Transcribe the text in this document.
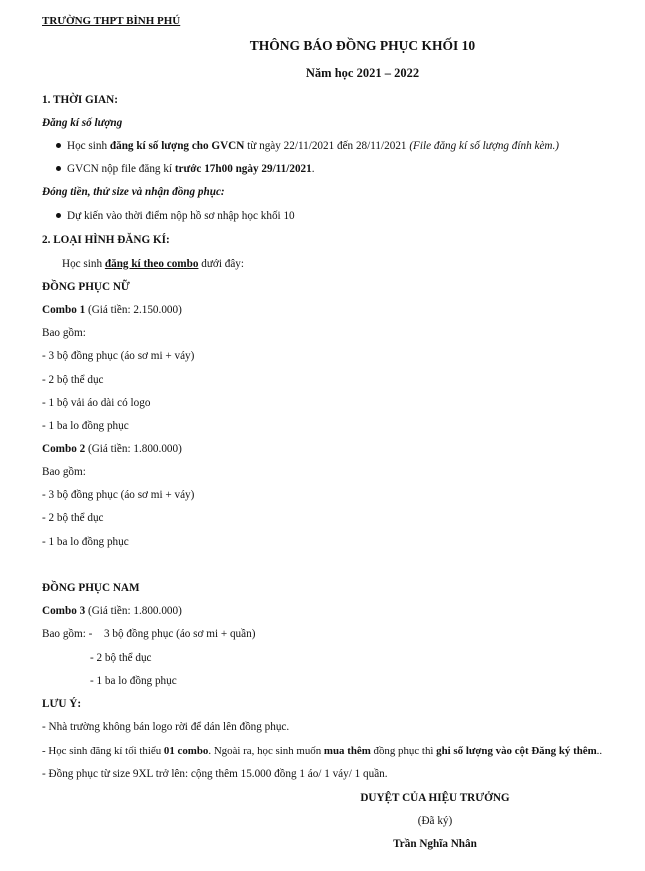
TRƯỜNG THPT BÌNH PHÚ
THÔNG BÁO ĐỒNG PHỤC KHỐI 10
Năm học 2021 – 2022
1. THỜI GIAN:
Đăng kí số lượng
Học sinh đăng kí số lượng cho GVCN từ ngày 22/11/2021 đến 28/11/2021 (File đăng kí số lượng đính kèm.)
GVCN nộp file đăng kí trước 17h00 ngày 29/11/2021.
Đóng tiền, thử size và nhận đồng phục:
Dự kiến vào thời điểm nộp hồ sơ nhập học khối 10
2. LOẠI HÌNH ĐĂNG KÍ:
Học sinh đăng kí theo combo dưới đây:
ĐỒNG PHỤC NỮ
Combo 1 (Giá tiền: 2.150.000)
Bao gồm:
- 3 bộ đồng phục (áo sơ mi + váy)
- 2 bộ thể dục
- 1 bộ vải áo dài có logo
- 1 ba lo đồng phục
Combo 2 (Giá tiền: 1.800.000)
Bao gồm:
- 3 bộ đồng phục (áo sơ mi + váy)
- 2 bộ thể dục
- 1 ba lo đồng phục
ĐỒNG PHỤC NAM
Combo 3 (Giá tiền: 1.800.000)
Bao gồm: - 3 bộ đồng phục (áo sơ mi + quần)
- 2 bộ thể dục
- 1 ba lo đồng phục
LƯU Ý:
- Nhà trường không bán logo rời để dán lên đồng phục.
- Học sinh đăng kí tối thiểu 01 combo. Ngoài ra, học sinh muốn mua thêm đồng phục thì ghi số lượng vào cột Đăng ký thêm..
- Đồng phục từ size 9XL trở lên: cộng thêm 15.000 đồng 1 áo/ 1 váy/ 1 quần.
DUYỆT CỦA HIỆU TRƯỞNG
(Đã ký)
Trần Nghĩa Nhân
